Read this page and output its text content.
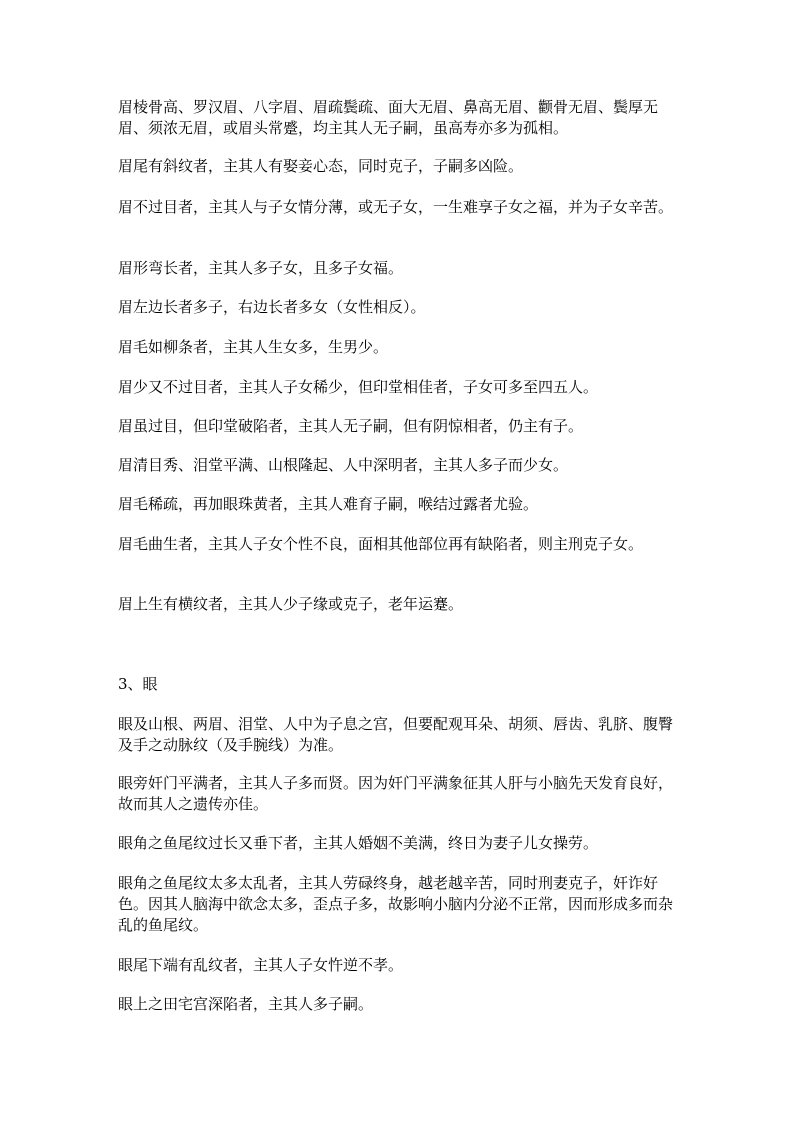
眉棱骨高、罗汉眉、八字眉、眉疏鬓疏、面大无眉、鼻高无眉、颧骨无眉、鬓厚无眉、须浓无眉，或眉头常蹙，均主其人无子嗣，虽高寿亦多为孤相。

眉尾有斜纹者，主其人有娶妾心态，同时克子，子嗣多凶险。

眉不过目者，主其人与子女情分薄，或无子女，一生难享子女之福，并为子女辛苦。

眉形弯长者，主其人多子女，且多子女福。

眉左边长者多子，右边长者多女（女性相反）。

眉毛如柳条者，主其人生女多，生男少。

眉少又不过目者，主其人子女稀少，但印堂相佳者，子女可多至四五人。

眉虽过目，但印堂破陷者，主其人无子嗣，但有阴惊相者，仍主有子。

眉清目秀、泪堂平满、山根隆起、人中深明者，主其人多子而少女。

眉毛稀疏，再加眼珠黄者，主其人难育子嗣，喉结过露者尤验。

眉毛曲生者，主其人子女个性不良，面相其他部位再有缺陷者，则主刑克子女。

眉上生有横纹者，主其人少子缘或克子，老年运蹇。

3、眼

眼及山根、两眉、泪堂、人中为子息之宫，但要配观耳朵、胡须、唇齿、乳脐、腹臀及手之动脉纹（及手腕线）为准。

眼旁奸门平满者，主其人子多而贤。因为奸门平满象征其人肝与小脑先天发育良好，故而其人之遗传亦佳。

眼角之鱼尾纹过长又垂下者，主其人婚姻不美满，终日为妻子儿女操劳。

眼角之鱼尾纹太多太乱者，主其人劳碌终身，越老越辛苦，同时刑妻克子，奸诈好色。因其人脑海中欲念太多，歪点子多，故影响小脑内分泌不正常，因而形成多而杂乱的鱼尾纹。

眼尾下端有乱纹者，主其人子女忤逆不孝。

眼上之田宅宫深陷者，主其人多子嗣。
